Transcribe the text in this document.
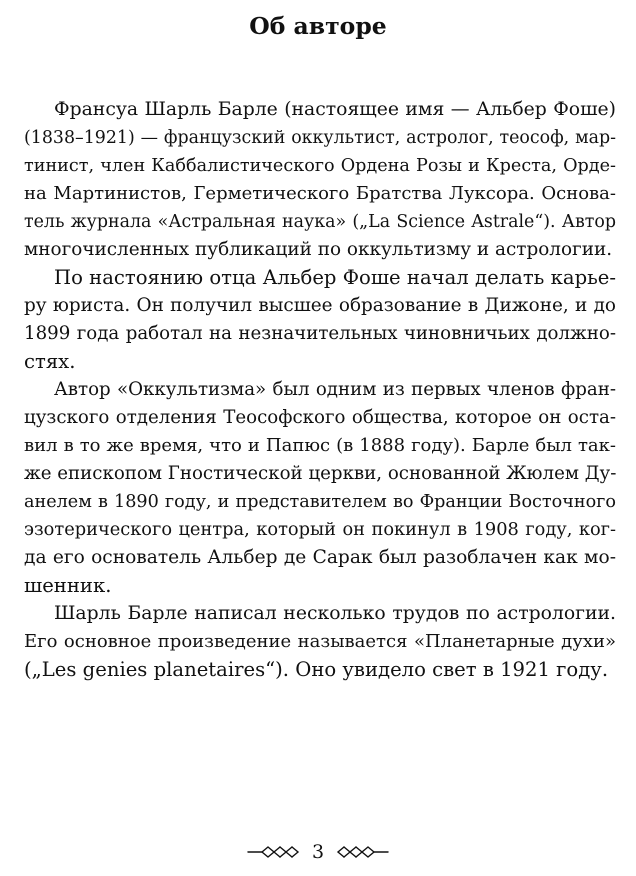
Об авторе
Франсуа Шарль Барле (настоящее имя — Альбер Фоше)
(1838–1921) — французский оккультист, астролог, теософ, мар-
тинист, член Каббалистического Ордена Розы и Креста, Орде-
на Мартинистов, Герметического Братства Луксора. Основа-
тель журнала «Астральная наука» („La Science Astrale“). Автор
многочисленных публикаций по оккультизму и астрологии.
По настоянию отца Альбер Фоше начал делать карье-
ру юриста. Он получил высшее образование в Дижоне, и до
1899 года работал на незначительных чиновничьих должно-
стях.
Автор «Оккультизма» был одним из первых членов фран-
цузского отделения Теософского общества, которое он оста-
вил в то же время, что и Папюс (в 1888 году). Барле был так-
же епископом Гностической церкви, основанной Жюлем Ду-
анелем в 1890 году, и представителем во Франции Восточного
эзотерического центра, который он покинул в 1908 году, ког-
да его основатель Альбер де Сарак был разоблачен как мо-
шенник.
Шарль Барле написал несколько трудов по астрологии.
Его основное произведение называется «Планетарные духи»
(„Les genies planetaires“). Оно увидело свет в 1921 году.
3
